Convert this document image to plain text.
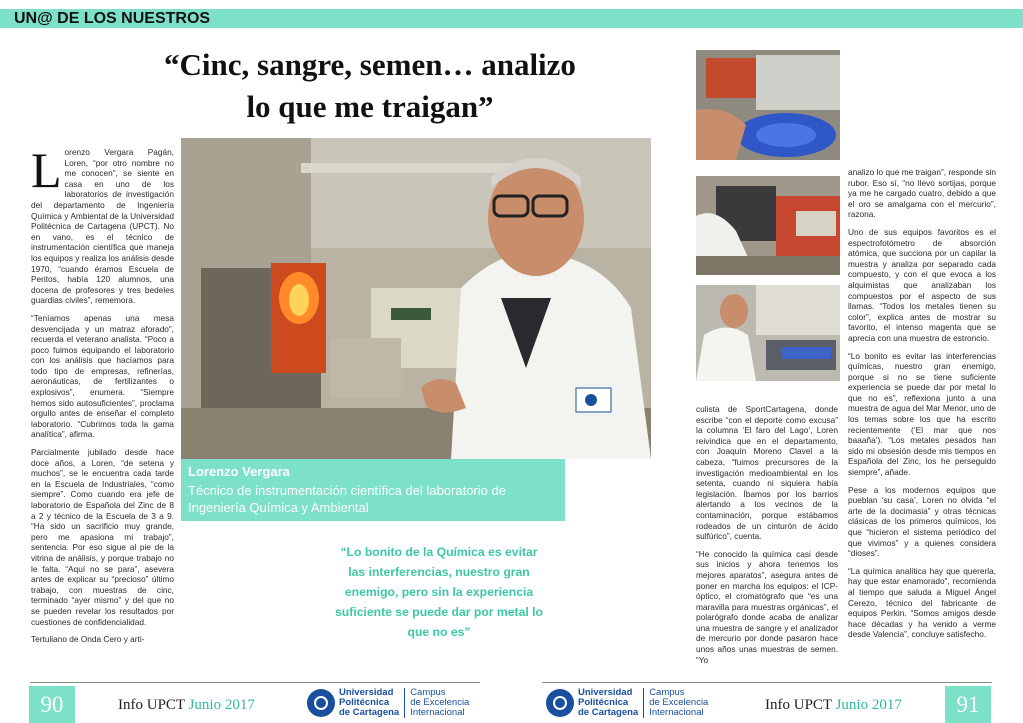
UN@ DE LOS NUESTROS
“Cinc, sangre, semen… analizo
lo que me traigan”

Lorenzo Vergara Pagán, Loren, “por otro nombre no me conocen”, se siente en casa en uno de los laboratorios de investigación del departamento de Ingeniería Química y Ambiental de la Universidad Politécnica de Cartagena (UPCT). No en vano, es el técnico de instrumentación científica que maneja los equipos y realiza los análisis desde 1970, “cuando éramos Escuela de Peritos, había 120 alumnos, una docena de profesores y tres bedeles guardias civiles”, rememora.

“Teníamos apenas una mesa desvencijada y un matraz aforado”, recuerda el veterano analista. “Poco a poco fuimos equipando el laboratorio con los análisis que hacíamos para todo tipo de empresas, refinerías, aeronáuticas, de fertilizantes o explosivos”, enumera. “Siempre hemos sido autosuficientes”, proclama orgullo antes de enseñar el completo laboratorio. “Cubrimos toda la gama analítica”, afirma.

Parcialmente jubilado desde hace doce años, a Loren, “de setena y muchos”, se le encuentra cada tarde en la Escuela de Industriales, “como siempre”. Como cuando era jefe de laboratorio de Española del Zinc de 8 a 2 y técnico de la Escuela de 3 a 9. “Ha sido un sacrificio muy grande, pero me apasiona mi trabajo”, sentencia. Por eso sigue al pie de la vitrina de análisis, y porque trabajo no le falta. “Aquí no se para”, asevera antes de explicar su “precioso” último trabajo, con muestras de cinc, terminado “ayer mismo” y del que no se pueden revelar los resultados por cuestiones de confidencialidad.

Tertuliano de Onda Cero y arti-

Lorenzo Vergara
Técnico de instrumentación científica del laboratorio de Ingeniería Química y Ambiental
“Lo bonito de la Química es evitar las interferencias, nuestro gran enemigo, pero sin la experiencia suficiente se puede dar por metal lo que no es”

culista de SportCartagena, donde escribe “con el deporte como excusa” la columna ‘El faro del Lago’, Loren reivindica que en el departamento, con Joaquín Moreno Clavel a la cabeza, “fuimos precursores de la investigación medioambiental en los setenta, cuando ni siquiera había legislación. Íbamos por los barrios alertando a los vecinos de la contaminación, porque estábamos rodeados de un cinturón de ácido sulfúrico”, cuenta.

“He conocido la química casi desde sus inicios y ahora tenemos los mejores aparatos”, asegura antes de poner en marcha los equipos: el ICP-óptico, el cromatógrafo que “es una maravilla para muestras orgánicas”, el polarógrafo donde acaba de analizar una muestra de sangre y el analizador de mercurio por donde pasaron hace unos años unas muestras de semen. “Yo

analizo lo que me traigan”, responde sin rubor. Eso sí, “no llevo sortijas, porque ya me he cargado cuatro, debido a que el oro se amalgama con el mercurio”, razona.

Uno de sus equipos favoritos es el espectrofotómetro de absorción atómica, que succiona por un capilar la muestra y analiza por separado cada compuesto, y con el que evoca a los alquimistas que analizaban los compuestos por el aspecto de sus llamas. “Todos los metales tienen su color”, explica antes de mostrar su favorito, el intenso magenta que se aprecia con una muestra de estroncio.

“Lo bonito es evitar las interferencias químicas, nuestro gran enemigo, porque si no se tiene suficiente experiencia se puede dar por metal lo que no es”, reflexiona junto a una muestra de agua del Mar Menor, uno de los temas sobre los que ha escrito recientemente (‘El mar que nos baaaña’). “Los metales pesados han sido mi obsesión desde mis tiempos en Española del Zinc, los he perseguido siempre”, añade.

Pese a los modernos equipos que pueblan ‘su casa’, Loren no olvida “el arte de la docimasia” y otras técnicas clásicas de los primeros químicos, los que “hicieron el sistema periódico del que vivimos” y a quienes considera “dioses”.

“La química analítica hay que quererla, hay que estar enamorado”, recomienda al tiempo que saluda a Miguel Ángel Cerezo, técnico del fabricante de equipos Perkin. “Somos amigos desde hace décadas y ha venido a verme desde Valencia”, concluye satisfecho.

90	Info UPCT Junio 2017
Universidad
Politécnica
de Cartagena
Campus
de Excelencia
Internacional
Universidad
Politécnica
de Cartagena
Campus
de Excelencia
Internacional	Info UPCT Junio 2017	91
